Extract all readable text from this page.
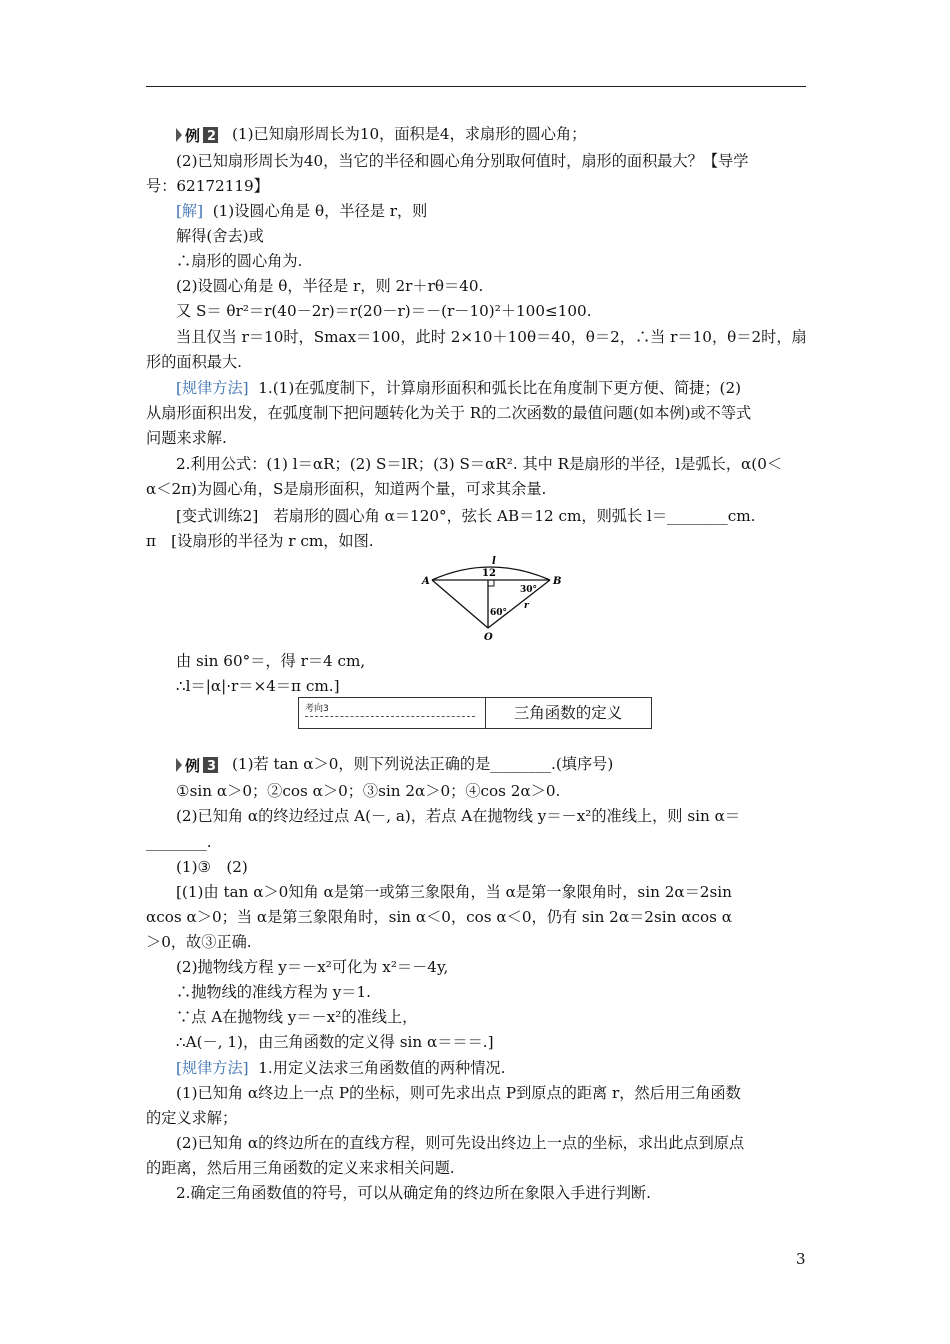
例 2 (1)已知扇形周长为10，面积是4，求扇形的圆心角；
(2)已知扇形周长为40，当它的半径和圆心角分别取何值时，扇形的面积最大？【导学
号：62172119】
[解] (1)设圆心角是 θ，半径是 r，则
解得(舍去)或
∴扇形的圆心角为.
(2)设圆心角是 θ，半径是 r，则 2r＋rθ＝40.
又 S＝ θr²＝r(40－2r)＝r(20－r)＝－(r－10)²＋100≤100.
当且仅当 r＝10时，Smax＝100，此时 2×10＋10θ＝40，θ＝2，∴当 r＝10，θ＝2时，扇
形的面积最大.
[规律方法] 1.(1)在弧度制下，计算扇形面积和弧长比在角度制下更方便、简捷；(2)
从扇形面积出发，在弧度制下把问题转化为关于 R的二次函数的最值问题(如本例)或不等式
问题来求解.
2.利用公式：(1) l＝αR；(2) S＝lR；(3) S＝αR². 其中 R是扇形的半径，l是弧长，α(0＜
α＜2π)为圆心角，S是扇形面积，知道两个量，可求其余量.
[变式训练2]　若扇形的圆心角 α＝120°，弦长 AB＝12 cm，则弧长 l＝________cm.
π　[设扇形的半径为 r cm，如图.
l
12
A	B
30°
60°
r
O
由 sin 60°＝，得 r＝4 cm,
∴l＝|α|·r＝×4＝π cm.]
考向3	三角函数的定义
例 3 (1)若 tan α＞0，则下列说法正确的是________.(填序号)
①sin α＞0；②cos α＞0；③sin 2α＞0；④cos 2α＞0.
(2)已知角 α的终边经过点 A(－, a)，若点 A在抛物线 y＝－x²的准线上，则 sin α＝
________.
(1)③　(2)
[(1)由 tan α＞0知角 α是第一或第三象限角，当 α是第一象限角时，sin 2α＝2sin
αcos α＞0；当 α是第三象限角时，sin α＜0，cos α＜0，仍有 sin 2α＝2sin αcos α
＞0，故③正确.
(2)抛物线方程 y＝－x²可化为 x²＝－4y,
∴抛物线的准线方程为 y＝1.
∵点 A在抛物线 y＝－x²的准线上，
∴A(－, 1)，由三角函数的定义得 sin α＝＝＝.]
[规律方法] 1.用定义法求三角函数值的两种情况.
(1)已知角 α终边上一点 P的坐标，则可先求出点 P到原点的距离 r，然后用三角函数
的定义求解；
(2)已知角 α的终边所在的直线方程，则可先设出终边上一点的坐标，求出此点到原点
的距离，然后用三角函数的定义来求相关问题.
2.确定三角函数值的符号，可以从确定角的终边所在象限入手进行判断.
3
